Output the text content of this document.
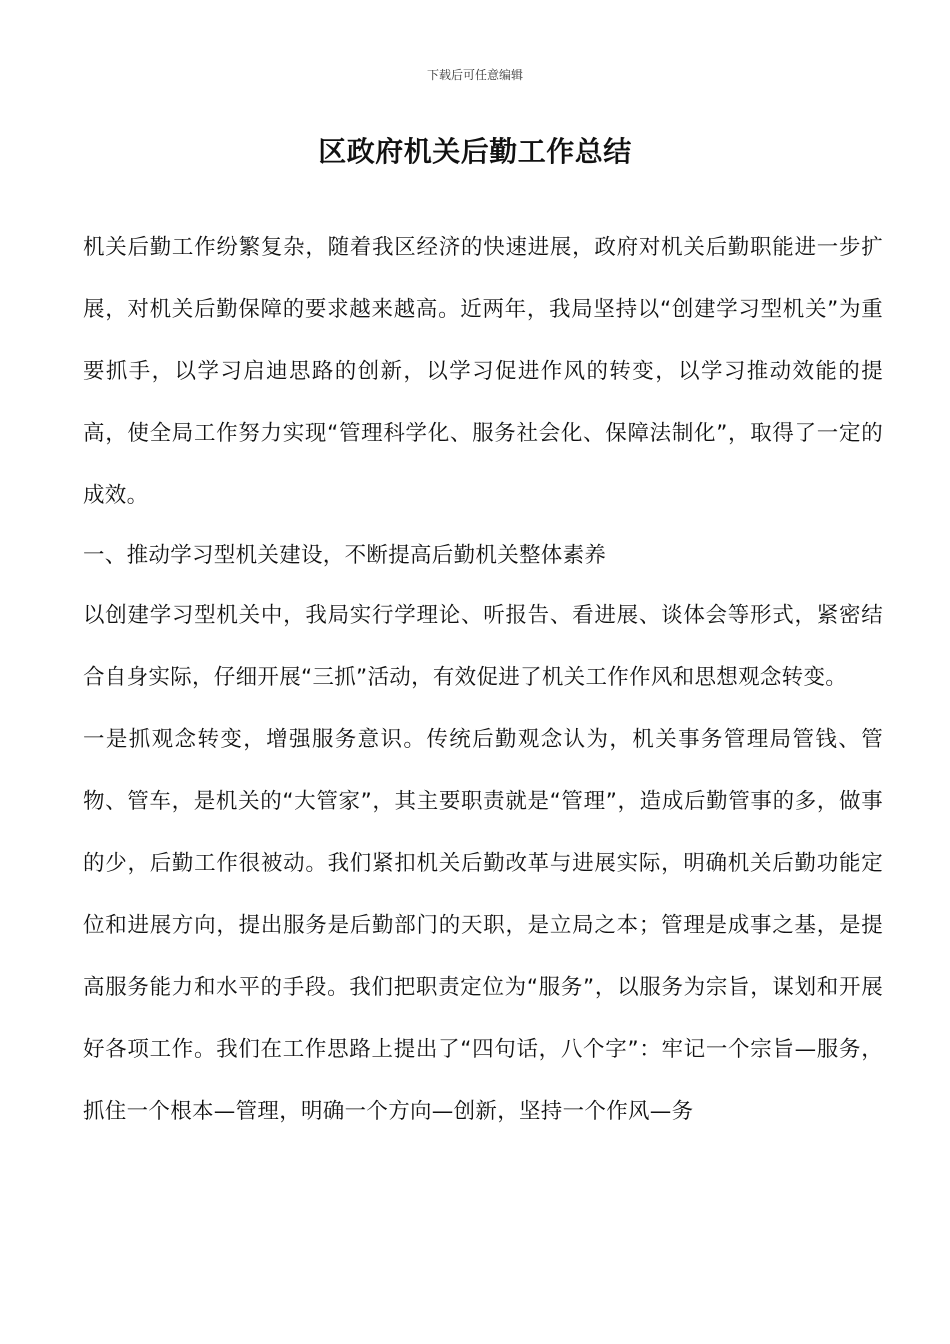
下载后可任意编辑
区政府机关后勤工作总结

机关后勤工作纷繁复杂，随着我区经济的快速进展，政府对机关后勤职能进一步扩展，对机关后勤保障的要求越来越高。近两年，我局坚持以“创建学习型机关”为重要抓手，以学习启迪思路的创新，以学习促进作风的转变，以学习推动效能的提高，使全局工作努力实现“管理科学化、服务社会化、保障法制化”，取得了一定的成效。

一、推动学习型机关建设，不断提高后勤机关整体素养

以创建学习型机关中，我局实行学理论、听报告、看进展、谈体会等形式，紧密结合自身实际，仔细开展“三抓”活动，有效促进了机关工作作风和思想观念转变。

一是抓观念转变，增强服务意识。传统后勤观念认为，机关事务管理局管钱、管物、管车，是机关的“大管家”，其主要职责就是“管理”，造成后勤管事的多，做事的少，后勤工作很被动。我们紧扣机关后勤改革与进展实际，明确机关后勤功能定位和进展方向，提出服务是后勤部门的天职，是立局之本；管理是成事之基，是提高服务能力和水平的手段。我们把职责定位为“服务”，以服务为宗旨，谋划和开展好各项工作。我们在工作思路上提出了“四句话，八个字”：牢记一个宗旨—服务，抓住一个根本—管理，明确一个方向—创新，坚持一个作风—务
